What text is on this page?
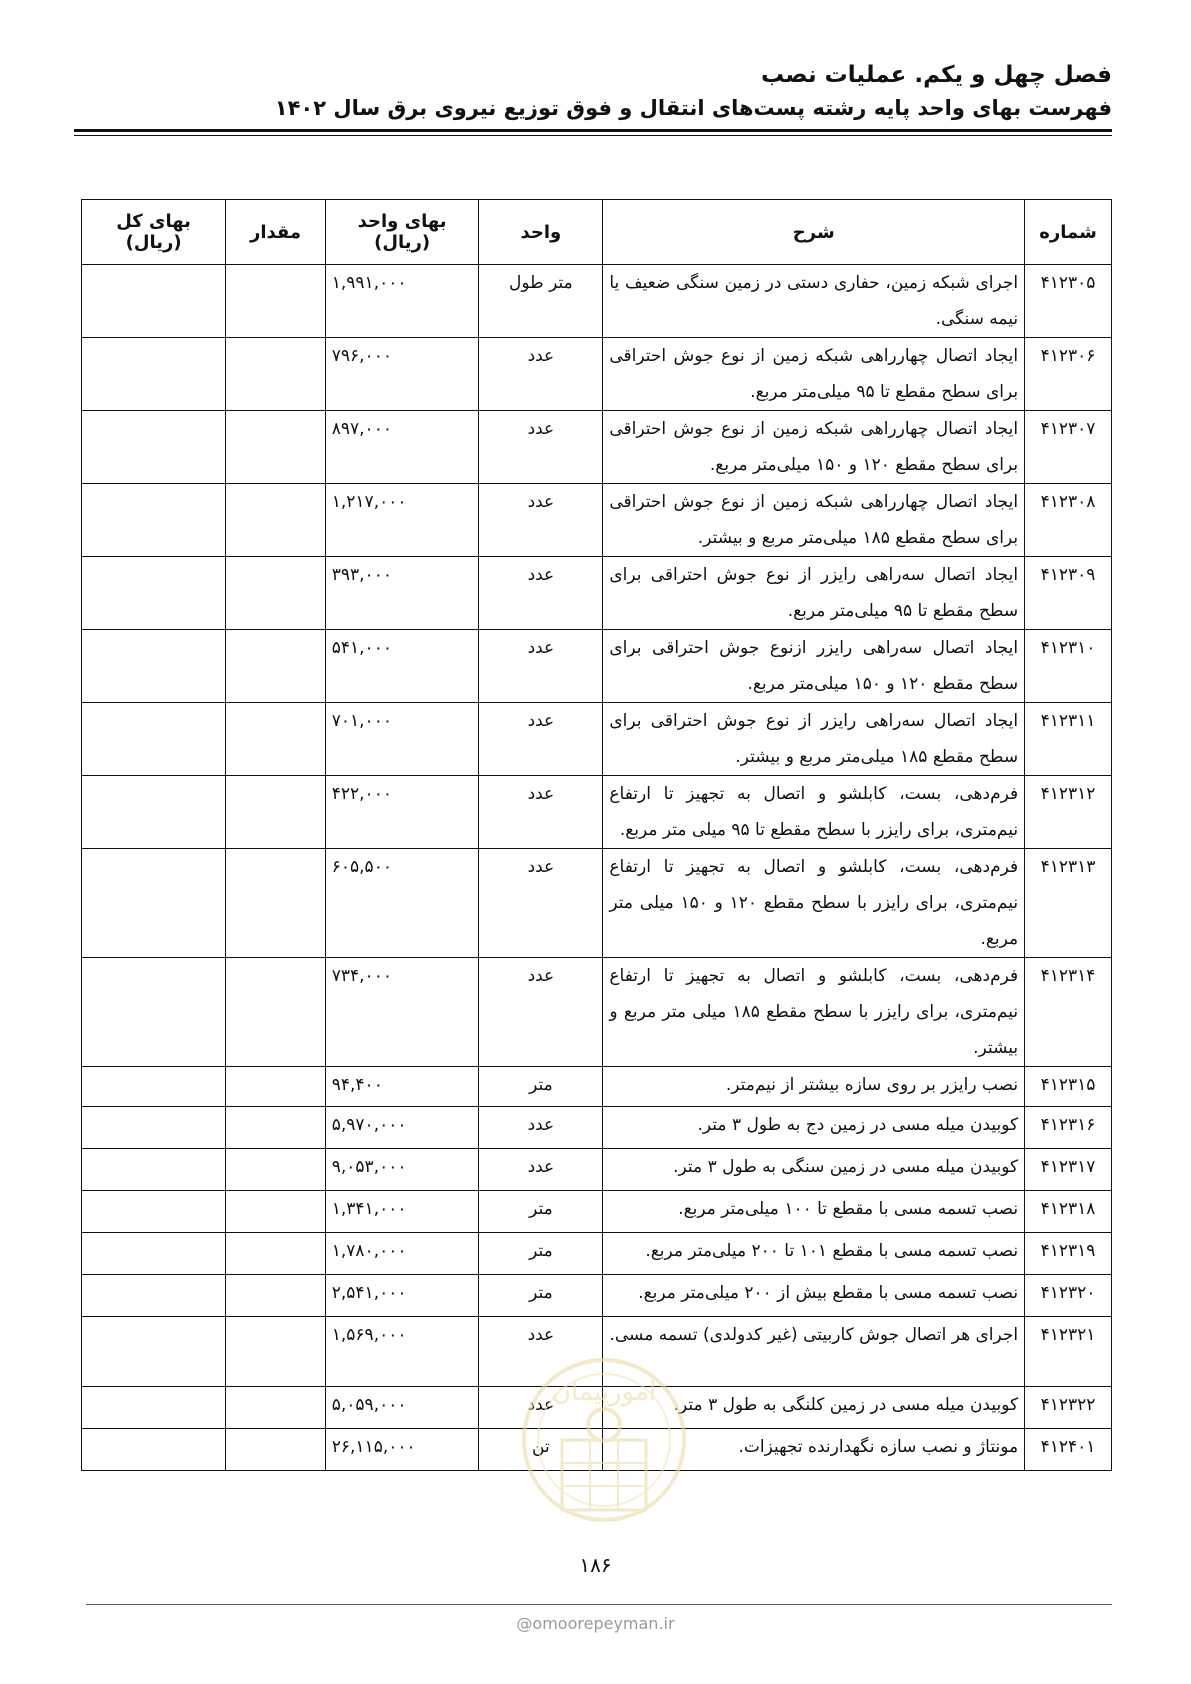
فصل چهل و یکم. عملیات نصب
فهرست بهای واحد پایه رشته پست‌های انتقال و فوق توزیع نیروی برق سال ۱۴۰۲
شماره	شرح	واحد	بهای واحد (ریال)	مقدار	بهای کل (ریال)
۴۱۲۳۰۵	اجرای شبکه زمین، حفاری دستی در زمین سنگی ضعیف یا نیمه سنگی.	متر طول	۱,۹۹۱,۰۰۰		
۴۱۲۳۰۶	ایجاد اتصال چهارراهی شبکه زمین از نوع جوش احتراقی برای سطح مقطع تا ۹۵ میلی‌متر مربع.	عدد	۷۹۶,۰۰۰		
۴۱۲۳۰۷	ایجاد اتصال چهارراهی شبکه زمین از نوع جوش احتراقی برای سطح مقطع ۱۲۰ و ۱۵۰ میلی‌متر مربع.	عدد	۸۹۷,۰۰۰		
۴۱۲۳۰۸	ایجاد اتصال چهارراهی شبکه زمین از نوع جوش احتراقی برای سطح مقطع ۱۸۵ میلی‌متر مربع و بیشتر.	عدد	۱,۲۱۷,۰۰۰		
۴۱۲۳۰۹	ایجاد اتصال سه‌راهی رایزر از نوع جوش احتراقی برای سطح مقطع تا ۹۵ میلی‌متر مربع.	عدد	۳۹۳,۰۰۰		
۴۱۲۳۱۰	ایجاد اتصال سه‌راهی رایزر ازنوع جوش احتراقی برای سطح مقطع ۱۲۰ و ۱۵۰ میلی‌متر مربع.	عدد	۵۴۱,۰۰۰		
۴۱۲۳۱۱	ایجاد اتصال سه‌راهی رایزر از نوع جوش احتراقی برای سطح مقطع ۱۸۵ میلی‌متر مربع و بیشتر.	عدد	۷۰۱,۰۰۰		
۴۱۲۳۱۲	فرم‌دهی، بست، کابلشو و اتصال به تجهیز تا ارتفاع نیم‌متری، برای رایزر با سطح مقطع تا ۹۵ میلی متر مربع.	عدد	۴۲۲,۰۰۰		
۴۱۲۳۱۳	فرم‌دهی، بست، کابلشو و اتصال به تجهیز تا ارتفاع نیم‌متری، برای رایزر با سطح مقطع ۱۲۰ و ۱۵۰ میلی متر مربع.	عدد	۶۰۵,۵۰۰		
۴۱۲۳۱۴	فرم‌دهی، بست، کابلشو و اتصال به تجهیز تا ارتفاع نیم‌متری، برای رایزر با سطح مقطع ۱۸۵ میلی متر مربع و بیشتر.	عدد	۷۳۴,۰۰۰		
۴۱۲۳۱۵	نصب رایزر بر روی سازه بیشتر از نیم‌متر.	متر	۹۴,۴۰۰		
۴۱۲۳۱۶	کوبیدن میله مسی در زمین دج به طول ۳ متر.	عدد	۵,۹۷۰,۰۰۰		
۴۱۲۳۱۷	کوبیدن میله مسی در زمین سنگی به طول ۳ متر.	عدد	۹,۰۵۳,۰۰۰		
۴۱۲۳۱۸	نصب تسمه مسی با مقطع تا ۱۰۰ میلی‌متر مربع.	متر	۱,۳۴۱,۰۰۰		
۴۱۲۳۱۹	نصب تسمه مسی با مقطع ۱۰۱ تا ۲۰۰ میلی‌متر مربع.	متر	۱,۷۸۰,۰۰۰		
۴۱۲۳۲۰	نصب تسمه مسی با مقطع بیش از ۲۰۰ میلی‌متر مربع.	متر	۲,۵۴۱,۰۰۰		
۴۱۲۳۲۱	اجرای هر اتصال جوش کاربیتی (غیر کدولدی) تسمه مسی.	عدد	۱,۵۶۹,۰۰۰		
۴۱۲۳۲۲	کوبیدن میله مسی در زمین کلنگی به طول ۳ متر.	عدد	۵,۰۵۹,۰۰۰		
۴۱۲۴۰۱	مونتاژ و نصب سازه نگهدارنده تجهیزات.	تن	۲۶,۱۱۵,۰۰۰		
امورپیمان
۱۸۶
@omoorepeyman.ir
